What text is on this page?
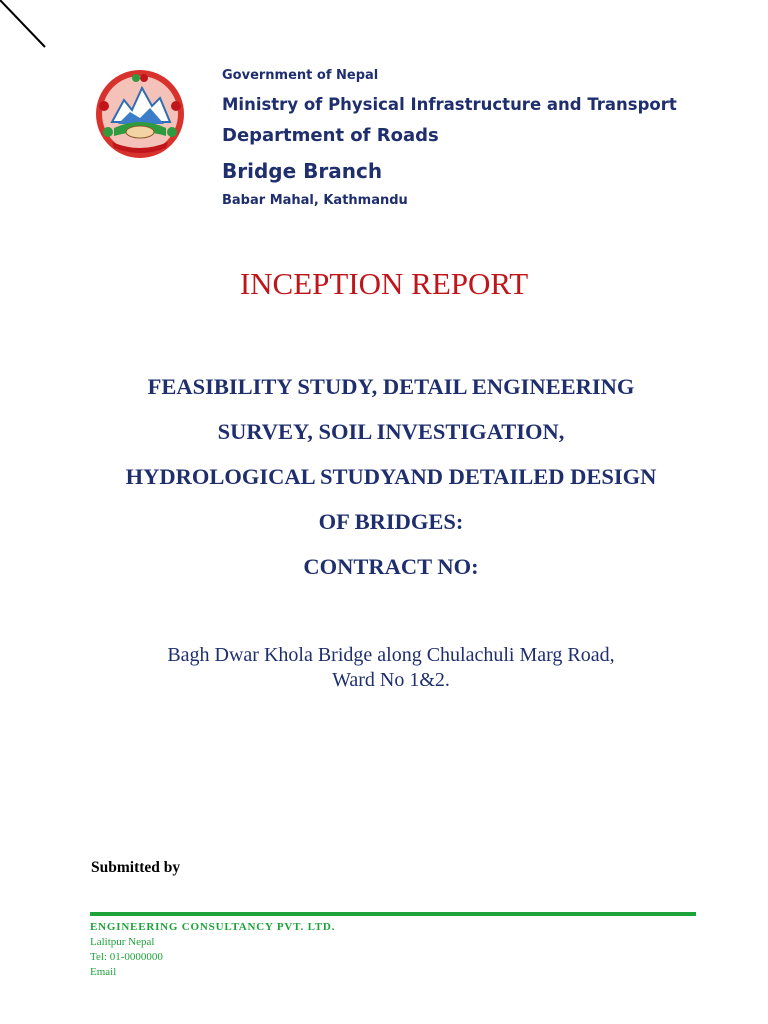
Government of Nepal
Ministry of Physical Infrastructure and Transport
Department of Roads
Bridge Branch
Babar Mahal, Kathmandu
INCEPTION REPORT
FEASIBILITY STUDY, DETAIL ENGINEERING
SURVEY, SOIL INVESTIGATION,
HYDROLOGICAL STUDYAND DETAILED DESIGN
OF BRIDGES:
CONTRACT NO:
Bagh Dwar Khola Bridge along Chulachuli Marg Road,
Ward No 1&2.
Submitted by
ENGINEERING CONSULTANCY PVT. LTD.
Lalitpur Nepal
Tel: 01-0000000
Email
